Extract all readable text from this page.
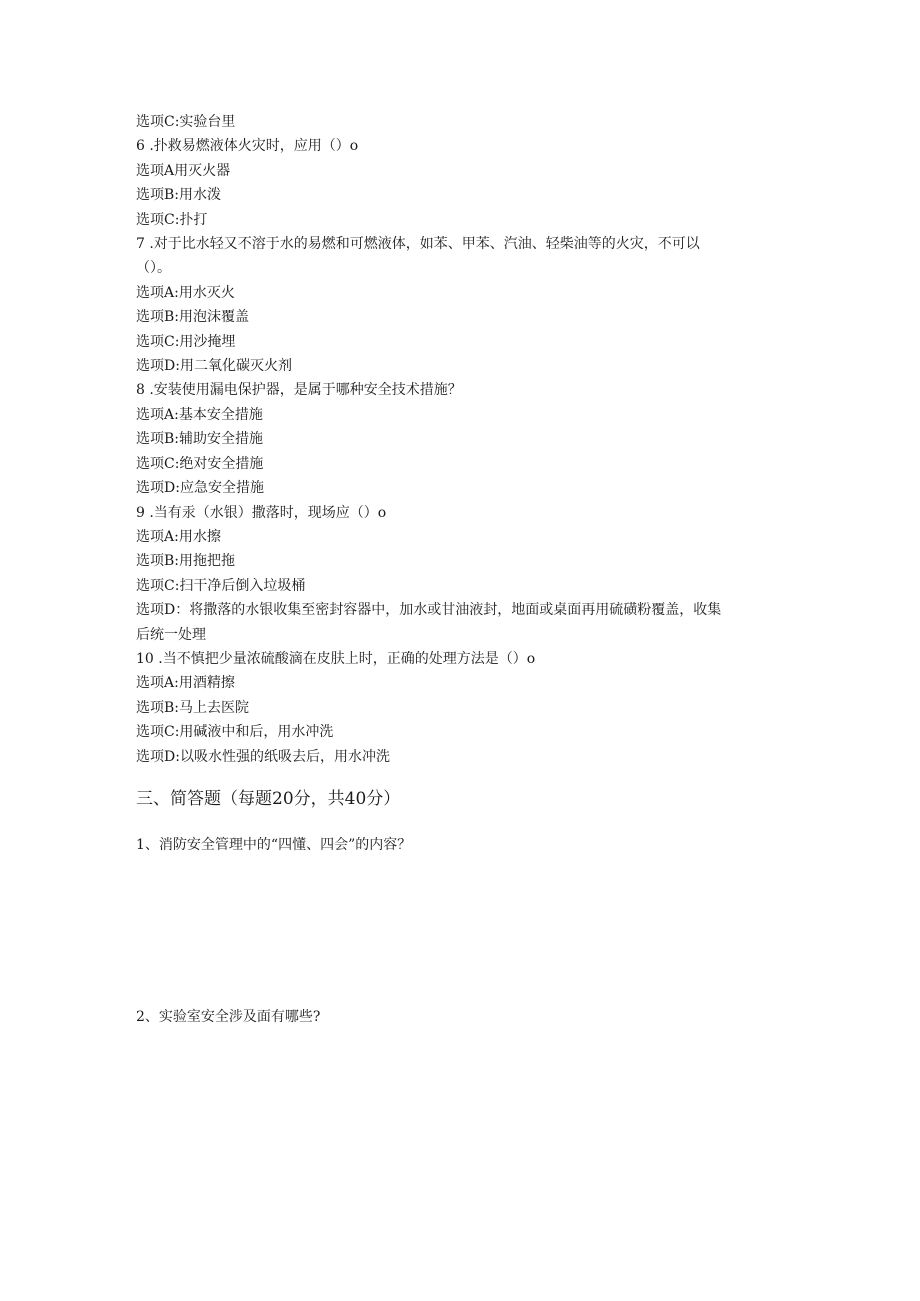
选项C:实验台里
6 .扑救易燃液体火灾时，应用（）o
选项A用灭火器
选项B:用水泼
选项C:扑打
7 .对于比水轻又不溶于水的易燃和可燃液体，如苯、甲苯、汽油、轻柴油等的火灾，不可以
（）。
选项A:用水灭火
选项B:用泡沫覆盖
选项C:用沙掩埋
选项D:用二氧化碳灭火剂
8 .安装使用漏电保护器，是属于哪种安全技术措施？
选项A:基本安全措施
选项B:辅助安全措施
选项C:绝对安全措施
选项D:应急安全措施
9 .当有汞（水银）撒落时，现场应（）o
选项A:用水擦
选项B:用拖把拖
选项C:扫干净后倒入垃圾桶
选项D：将撒落的水银收集至密封容器中，加水或甘油液封，地面或桌面再用硫磺粉覆盖，收集
后统一处理
10 .当不慎把少量浓硫酸滴在皮肤上时，正确的处理方法是（）o
选项A:用酒精擦
选项B:马上去医院
选项C:用碱液中和后，用水冲洗
选项D:以吸水性强的纸吸去后，用水冲洗
三、简答题（每题20分，共40分）
1、消防安全管理中的“四懂、四会”的内容？
2、实验室安全涉及面有哪些?
